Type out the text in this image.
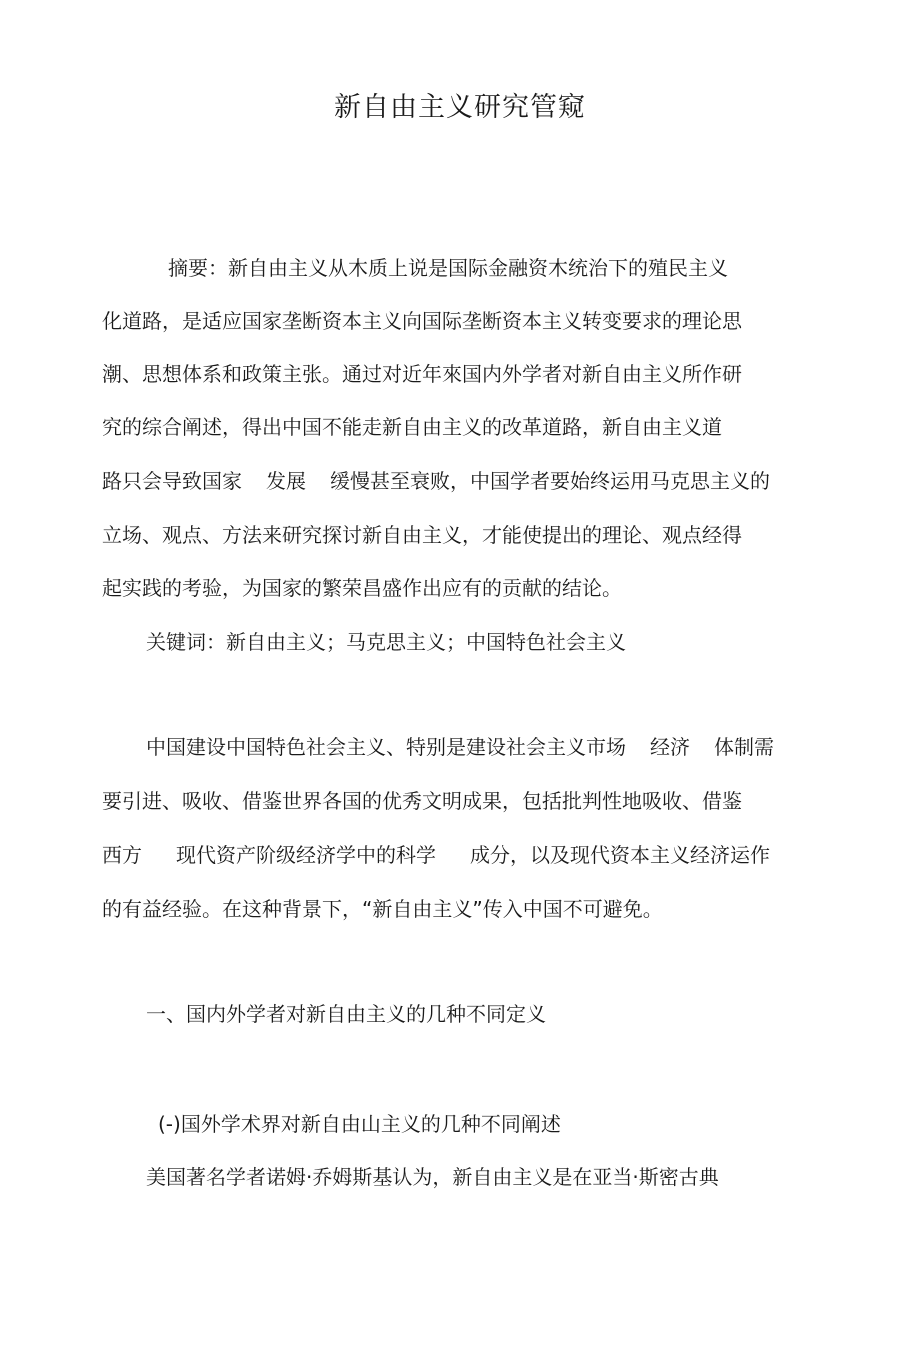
新自由主义研究管窥
摘要：新自由主义从木质上说是国际金融资木统治下的殖民主义
化道路，是适应国家垄断资本主义向国际垄断资本主义转变要求的理论思
潮、思想体系和政策主张。通过对近年來国内外学者对新自由主义所作研
究的综合阐述，得出中国不能走新自由主义的改革道路，新自由主义道
路只会导致国家 发展 缓慢甚至衰败，中国学者要始终运用马克思主义的
立场、观点、方法来研究探讨新自由主义，才能使提出的理论、观点经得
起实践的考验，为国家的繁荣昌盛作出应有的贡献的结论。
关键词：新自由主义；马克思主义；中国特色社会主义
中国建设中国特色社会主义、特别是建设社会主义市场 经济 体制需
要引进、吸收、借鉴世界各国的优秀文明成果，包括批判性地吸收、借鉴
西方 现代资产阶级经济学中的科学 成分，以及现代资本主义经济运作
的有益经验。在这种背景下，“新自由主义”传入中国不可避免。
一、国内外学者对新自由主义的几种不同定义
(-)国外学术界对新自由山主义的几种不同阐述
美国著名学者诺姆·乔姆斯基认为，新自由主义是在亚当·斯密古典
